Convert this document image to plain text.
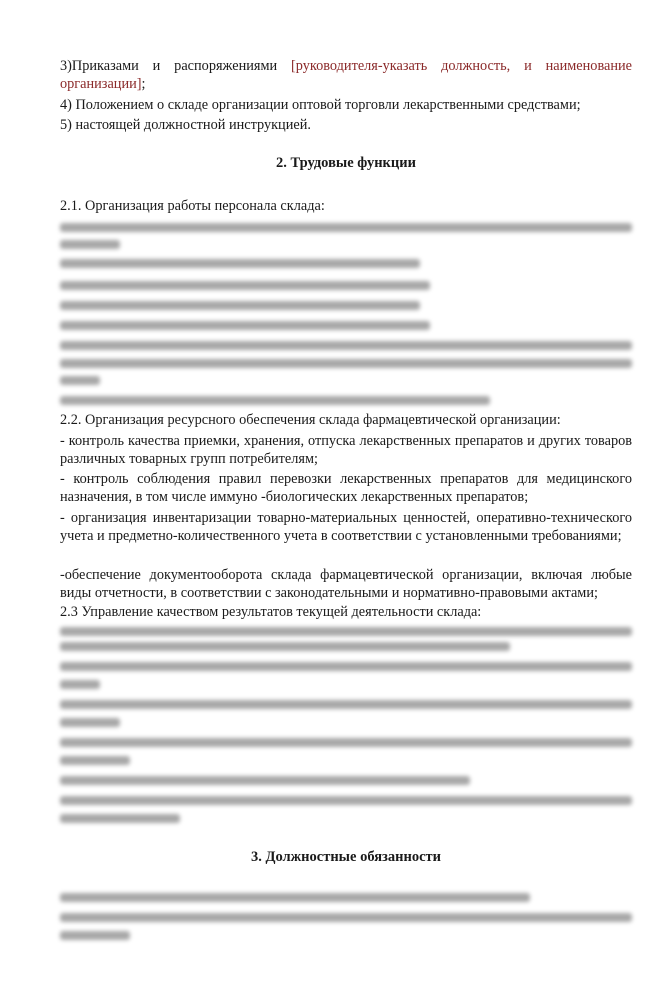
3)Приказами и распоряжениями [руководителя-указать должность, и наименование организации];
4) Положением о складе организации оптовой торговли лекарственными средствами;
5) настоящей должностной инструкцией.
2. Трудовые функции
2.1. Организация работы персонала склада:
2.2. Организация ресурсного обеспечения склада фармацевтической организации:
- контроль качества приемки, хранения, отпуска лекарственных препаратов и других товаров различных товарных групп потребителям;
- контроль соблюдения правил перевозки лекарственных препаратов для медицинского назначения, в том числе иммуно -биологических лекарственных препаратов;
- организация инвентаризации товарно-материальных ценностей, оперативно-технического учета и предметно-количественного учета в соответствии с установленными требованиями;
-обеспечение документооборота склада фармацевтической организации, включая любые виды отчетности, в соответствии с законодательными и нормативно-правовыми актами;
2.3 Управление качеством результатов текущей деятельности склада:
3. Должностные обязанности
